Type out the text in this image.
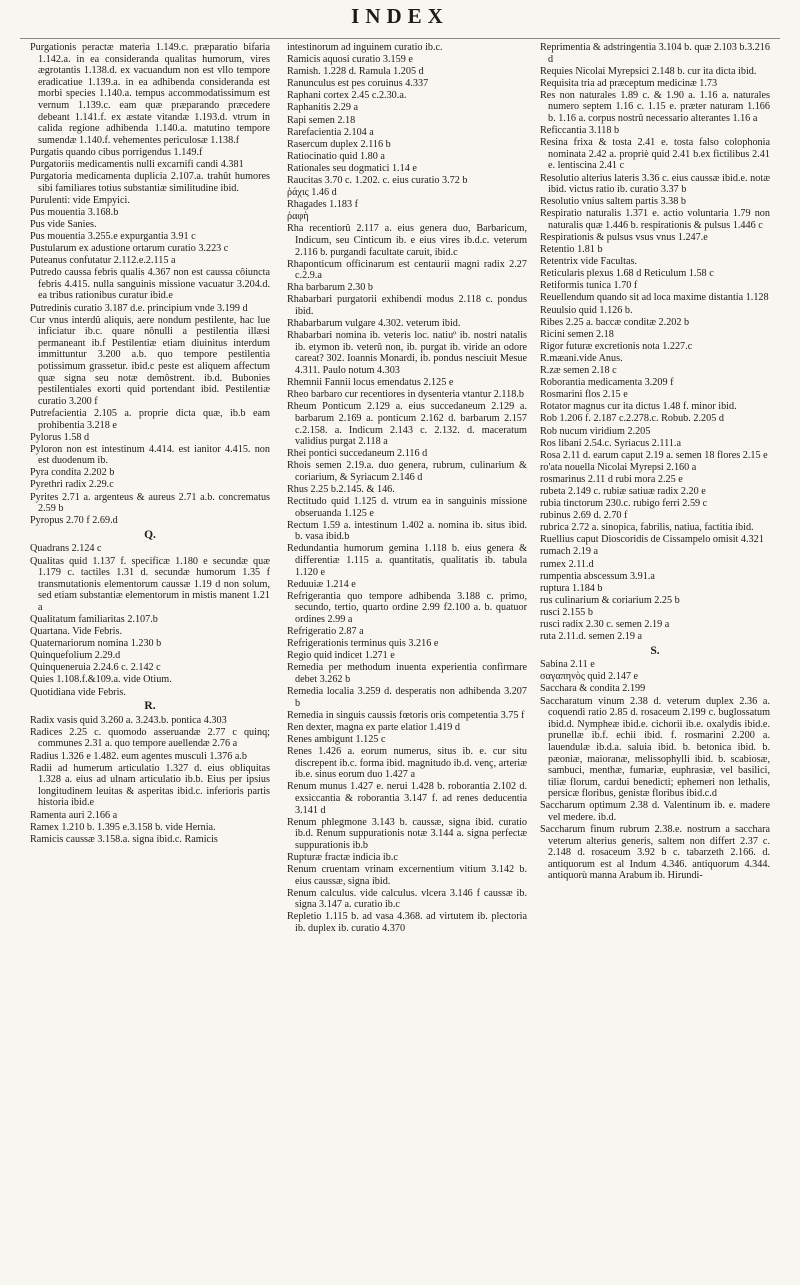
INDEX

Purgationis peractæ materia 1.149.c. præparatio bifaria 1.142.a. in ea consideranda qualitas humorum, vires ægrotantis 1.138.d. ex vacuandum non est vllo tempore eradicatiue 1.139.a. in ea adhibenda consideranda est morbi species 1.140.a. tempus accommodatissimum est vernum 1.139.c. eam quæ præparando præcedere debeant 1.141.f. ex æstate vitandæ 1.193.d. vtrum in calida regione adhibenda 1.140.a. matutino tempore sumendæ 1.140.f. vehementes periculosæ 1.138.f

Purgatis quando cibus porrigendus 1.149.f

Purgatoriis medicamentis nulli excarnifi candi 4.381

Purgatoria medicamenta duplicia 2.107.a. trahût humores sibi familiares totius substantiæ similitudine ibid.

Purulenti: vide Empyici.

Pus mouentia 3.168.b

Pus vide Sanies.

Pus mouentia 3.255.e expurgantia 3.91 c

Pustularum ex adustione ortarum curatio 3.223 c

Puteanus confutatur 2.112.e.2.115 a

Putredo caussa febris qualis 4.367 non est caussa côiuncta febris 4.415. nulla sanguinis missione vacuatur 3.204.d. ea tribus rationibus curatur ibid.e

Putredinis curatio 3.187 d.e. principium vnde 3.199 d

Cur vnus interdû aliquis, aere nondum pestilente, hac lue inficiatur ib.c. quare nônulli a pestilentia illæsi permaneant ib.f Pestilentiæ etiam diuinitus interdum immittuntur 3.200 a.b. quo tempore pestilentia potissimum grassetur. ibid.c peste est aliquem affectum quæ signa seu notæ demôstrent. ib.d. Bubonies pestilentiales exorti quid portendant ibid. Pestilentiæ curatio 3.200 f

Putrefacientia 2.105 a. proprie dicta quæ, ib.b eam prohibentia 3.218 e

Pylorus 1.58 d

Pyloron non est intestinum 4.414. est ianitor 4.415. non est duodenum ib.

Pyra condita 2.202 b

Pyrethri radix 2.29.c

Pyrites 2.71 a. argenteus & aureus 2.71 a.b. concrematus 2.59 b

Pyropus 2.70 f 2.69.d

Q.

Quadrans 2.124 c

Qualitas quid 1.137 f. specificæ 1.180 e secundæ quæ 1.179 c. tactiles 1.31 d. secundæ humorum 1.35 f transmutationis elementorum caussæ 1.19 d non solum, sed etiam substantiæ elementorum in mistis manent 1.21 a

Qualitatum familiaritas 2.107.b

Quartana. Vide Febris.

Quaternariorum nomina 1.230 b

Quinquefolium 2.29.d

Quinqueneruia 2.24.6 c. 2.142 c

Quies 1.108.f.&109.a. vide Otium.

Quotidiana vide Febris.

R.

Radix vasis quid 3.260 a. 3.243.b. pontica 4.303

Radices 2.25 c. quomodo asseruandæ 2.77 c quinq; communes 2.31 a. quo tempore auellendæ 2.76 a

Radius 1.326 e 1.482. eum agentes musculi 1.376 a.b

Radii ad humerum articulatio 1.327 d. eius obliquitas 1.328 a. eius ad ulnam articulatio ib.b. Eius per ipsius longitudinem leuitas & asperitas ibid.c. inferioris partis historia ibid.e

Ramenta auri 2.166 a

Ramex 1.210 b. 1.395 e.3.158 b. vide Hernia.

Ramicis caussæ 3.158.a. signa ibid.c. Ramicis

intestinorum ad inguinem curatio ib.c.

Ramicis aquosi curatio 3.159 e

Ramish. 1.228 d. Ramula 1.205 d

Ranunculus est pes coruinus 4.337

Raphani cortex 2.45 c.2.30.a.

Raphanitis 2.29 a

Rapi semen 2.18

Rarefacientia 2.104 a

Rasercum duplex 2.116 b

Ratiocinatio quid 1.80 a

Rationales seu dogmatici 1.14 e

Raucitas 3.70 c. 1.202. c. eius curatio 3.72 b

ῥάχις 1.46 d

Rhagades 1.183 f

ῥαφὴ

Rha recentiorû 2.117 a. eius genera duo, Barbaricum, Indicum, seu Cinticum ib. e eius vires ib.d.c. veterum 2.116 b. purgandi facultate caruit, ibid.c

Rhaponticum officinarum est centaurii magni radix 2.27 c.2.9.a

Rha barbarum 2.30 b

Rhabarbari purgatorii exhibendi modus 2.118 c. pondus ibid.

Rhabarbarum vulgare 4.302. veterum ibid.

Rhabarbari nomina ib. veteris loc. natiuº ib. nostri natalis ib. etymon ib. veterû non, ib. purgat ib. viride an odore careat? 302. Ioannis Monardi, ib. pondus nesciuit Mesue 4.311. Paulo notum 4.303

Rhemnii Fannii locus emendatus 2.125 e

Rheo barbaro cur recentiores in dysenteria vtantur 2.118.b

Rheum Ponticum 2.129 a. eius succedaneum 2.129 a. barbarum 2.169 a. ponticum 2.162 d. barbarum 2.157 c.2.158. a. Indicum 2.143 c. 2.132. d. maceratum validius purgat 2.118 a

Rhei pontici succedaneum 2.116 d

Rhois semen 2.19.a. duo genera, rubrum, culinarium & coriarium, & Syriacum 2.146 d

Rhus 2.25 b.2.145. & 146.

Rectitudo quid 1.125 d. vtrum ea in sanguinis missione obseruanda 1.125 e

Rectum 1.59 a. intestinum 1.402 a. nomina ib. situs ibid. b. vasa ibid.b

Redundantia humorum gemina 1.118 b. eius genera & differentiæ 1.115 a. quantitatis, qualitatis ib. tabula 1.120 e

Reduuiæ 1.214 e

Refrigerantia quo tempore adhibenda 3.188 c. primo, secundo, tertio, quarto ordine 2.99 f2.100 a. b. quatuor ordines 2.99 a

Refrigeratio 2.87 a

Refrigerationis terminus quis 3.216 e

Regio quid indicet 1.271 e

Remedia per methodum inuenta experientia confirmare debet 3.262 b

Remedia localia 3.259 d. desperatis non adhibenda 3.207 b

Remedia in singuis caussis fœtoris oris competentia 3.75 f

Ren dexter, magna ex parte elatior 1.419 d

Renes ambigunt 1.125 c

Renes 1.426 a. eorum numerus, situs ib. e. cur situ discrepent ib.c. forma ibid. magnitudo ib.d. venç, arteriæ ib.e. sinus eorum duo 1.427 a

Renum munus 1.427 e. nerui 1.428 b. roborantia 2.102 d. exsiccantia & roborantia 3.147 f. ad renes deducentia 3.141 d

Renum phlegmone 3.143 b. caussæ, signa ibid. curatio ib.d. Renum suppurationis notæ 3.144 a. signa perfectæ suppurationis ib.b

Rupturæ fractæ indicia ib.c

Renum cruentam vrinam excernentium vitium 3.142 b. eius caussæ, signa ibid.

Renum calculus. vide calculus. vlcera 3.146 f caussæ ib. signa 3.147 a. curatio ib.c

Repletio 1.115 b. ad vasa 4.368. ad virtutem ib. plectoria ib. duplex ib. curatio 4.370

Reprimentia & adstringentia 3.104 b. quæ 2.103 b.3.216 d

Requies Nicolai Myrepsici 2.148 b. cur ita dicta ibid.

Requisita tria ad præceptum medicinæ 1.73

Res non naturales 1.89 c. & 1.90 a. 1.16 a. naturales numero septem 1.16 c. 1.15 e. præter naturam 1.166 b. 1.16 a. corpus nostrû necessario alterantes 1.16 a

Reficcantia 3.118 b

Resina frixa & tosta 2.41 e. tosta falso colophonia nominata 2.42 a. propriè quid 2.41 b.ex fictilibus 2.41 e. lentiscina 2.41 c

Resolutio alterius lateris 3.36 c. eius caussæ ibid.e. notæ ibid. victus ratio ib. curatio 3.37 b

Resolutio vnius saltem partis 3.38 b

Respiratio naturalis 1.371 e. actio voluntaria 1.79 non naturalis quæ 1.446 b. respirationis & pulsus 1.446 c

Respirationis & pulsus vsus vnus 1.247.e

Retentio 1.81 b

Retentrix vide Facultas.

Reticularis plexus 1.68 d Reticulum 1.58 c

Retiformis tunica 1.70 f

Reuellendum quando sit ad loca maxime distantia 1.128

Reuulsio quid 1.126 b.

Ribes 2.25 a. baccæ conditæ 2.202 b

Ricini semen 2.18

Rigor futuræ excretionis nota 1.227.c

R.mæani.vide Anus.

R.zæ semen 2.18 c

Roborantia medicamenta 3.209 f

Rosmarini flos 2.15 e

Rotator magnus cur ita dictus 1.48 f. minor ibid.

Rob 1.206 f. 2.187 c.2.278.c. Robub. 2.205 d

Rob nucum viridium 2.205

Ros libani 2.54.c. Syriacus 2.111.a

Rosa 2.11 d. earum caput 2.19 a. semen 18 flores 2.15 e

ro'ata nouella Nicolai Myrepsi 2.160 a

rosmarinus 2.11 d rubi mora 2.25 e

rubeta 2.149 c. rubiæ satiuæ radix 2.20 e

rubia tinctorum 230.c. rubigo ferri 2.59 c

rubinus 2.69 d. 2.70 f

rubrica 2.72 a. sinopica, fabrilis, natiua, factitia ibid.

Ruellius caput Dioscoridis de Cissampelo omisit 4.321

rumach 2.19 a

rumex 2.11.d

rumpentia abscessum 3.91.a

ruptura 1.184 b

rus culinarium & coriarium 2.25 b

rusci 2.155 b

rusci radix 2.30 c. semen 2.19 a

ruta 2.11.d. semen 2.19 a

S.

Sabina 2.11 e

σαγαπηνὸς quid 2.147 e

Sacchara & condita 2.199

Saccharatum vinum 2.38 d. veterum duplex 2.36 a. coquendi ratio 2.85 d. rosaceum 2.199 c. buglossatum ibid.d. Nympheæ ibid.e. cichorii ib.e. oxalydis ibid.e. prunellæ ib.f. echii ibid. f. rosmarini 2.200 a. lauendulæ ib.d.a. saluia ibid. b. betonica ibid. b. pæoniæ, maioranæ, melissophylli ibid. b. scabiosæ, sambuci, menthæ, fumariæ, euphrasiæ, vel basilici, tiliæ florum, cardui benedicti; ephemeri non lethalis, persicæ floribus, genistæ floribus ibid.c.d

Saccharum optimum 2.38 d. Valentinum ib. e. madere vel medere. ib.d.

Saccharum finum rubrum 2.38.e. nostrum a sacchara veterum alterius generis, saltem non differt 2.37 c. 2.148 d. rosaceum 3.92 b c. tabarzeth 2.166. d. antiquorum est al Indum 4.346. antiquorum 4.344. antiquorù manna Arabum ib. Hirundi-
